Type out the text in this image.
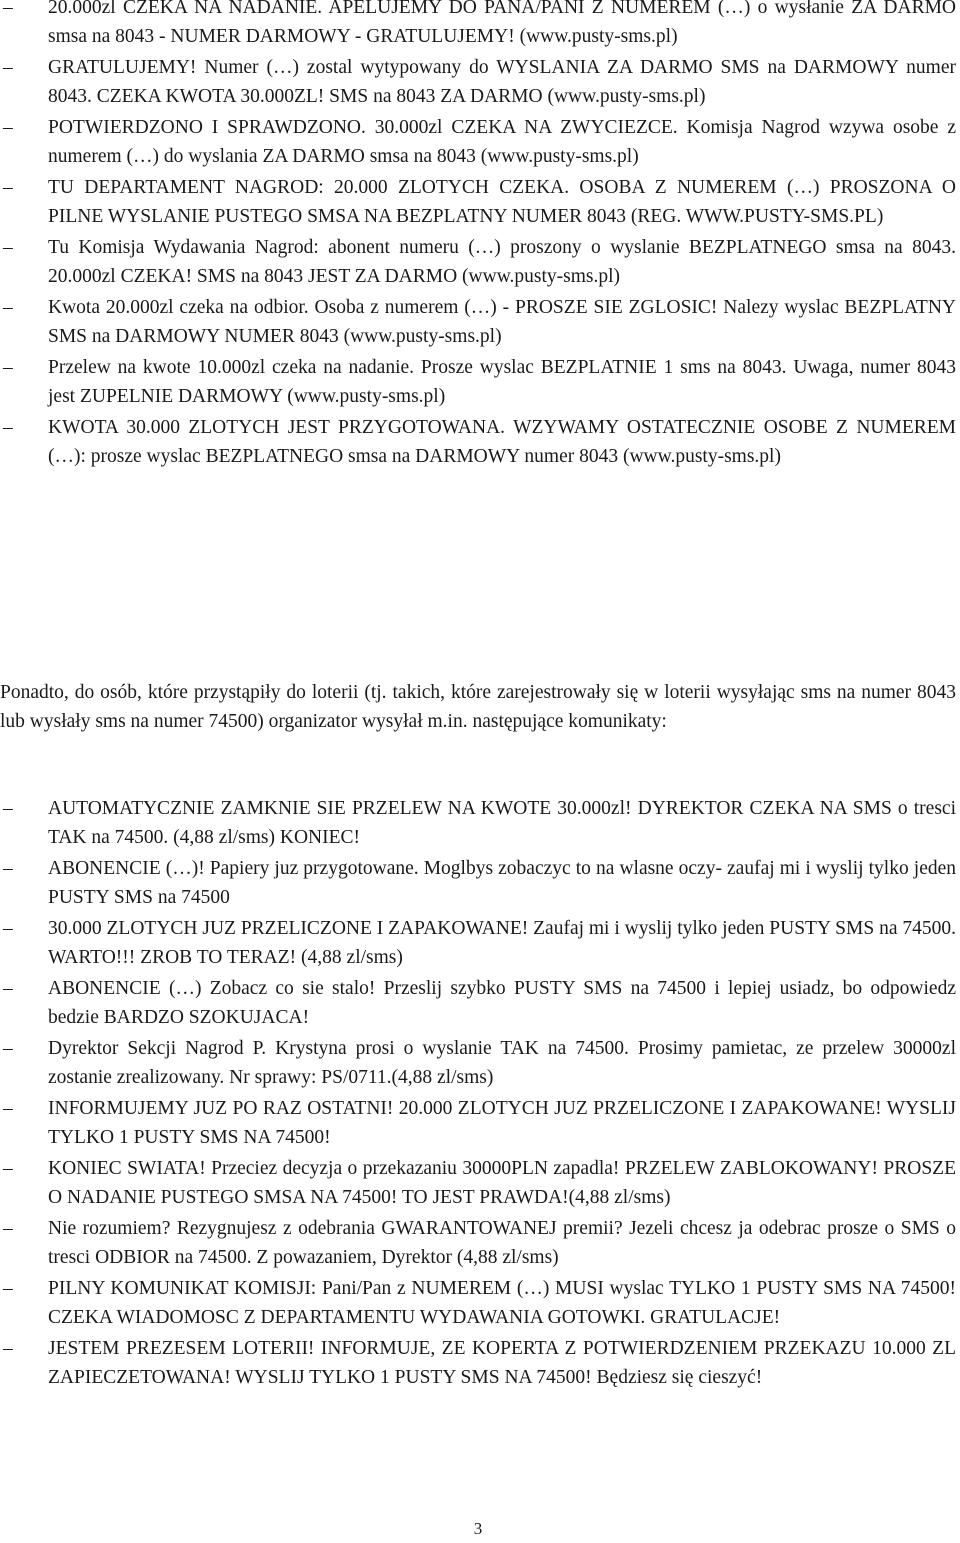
–	20.000zl CZEKA NA NADANIE. APELUJEMY DO PANA/PANI Z NUMEREM (…) o wysłanie ZA DARMO smsa na 8043 - NUMER DARMOWY - GRATULUJEMY! (www.pusty-sms.pl)
–	GRATULUJEMY! Numer (…) zostal wytypowany do WYSLANIA ZA DARMO SMS na DARMOWY numer 8043. CZEKA KWOTA 30.000ZL! SMS na 8043 ZA DARMO (www.pusty-sms.pl)
–	POTWIERDZONO I SPRAWDZONO. 30.000zl CZEKA NA ZWYCIEZCE. Komisja Nagrod wzywa osobe z numerem (…) do wyslania ZA DARMO smsa na 8043 (www.pusty-sms.pl)
–	TU DEPARTAMENT NAGROD: 20.000 ZLOTYCH CZEKA. OSOBA Z NUMEREM (…) PROSZONA O PILNE WYSLANIE PUSTEGO SMSA NA BEZPLATNY NUMER 8043 (REG. WWW.PUSTY-SMS.PL)
–	Tu Komisja Wydawania Nagrod: abonent numeru (…) proszony o wyslanie BEZPLATNEGO smsa na 8043. 20.000zl CZEKA! SMS na 8043 JEST ZA DARMO (www.pusty-sms.pl)
–	Kwota 20.000zl czeka na odbior. Osoba z numerem (…) - PROSZE SIE ZGLOSIC! Nalezy wyslac BEZPLATNY SMS na DARMOWY NUMER 8043 (www.pusty-sms.pl)
–	Przelew na kwote 10.000zl czeka na nadanie. Prosze wyslac BEZPLATNIE 1 sms na 8043. Uwaga, numer 8043 jest ZUPELNIE DARMOWY (www.pusty-sms.pl)
–	KWOTA 30.000 ZLOTYCH JEST PRZYGOTOWANA. WZYWAMY OSTATECZNIE OSOBE Z NUMEREM (…): prosze wyslac BEZPLATNEGO smsa na DARMOWY numer 8043 (www.pusty-sms.pl)

Ponadto, do osób, które przystąpiły do loterii (tj. takich, które zarejestrowały się w loterii wysyłając sms na numer 8043 lub wysłały sms na numer 74500) organizator wysyłał m.in. następujące komunikaty:

–	AUTOMATYCZNIE ZAMKNIE SIE PRZELEW NA KWOTE 30.000zl! DYREKTOR CZEKA NA SMS o tresci TAK na 74500. (4,88 zl/sms) KONIEC!
–	ABONENCIE (…)! Papiery juz przygotowane. Moglbys zobaczyc to na wlasne oczy- zaufaj mi i wyslij tylko jeden PUSTY SMS na 74500
–	30.000 ZLOTYCH JUZ PRZELICZONE I ZAPAKOWANE! Zaufaj mi i wyslij tylko jeden PUSTY SMS na 74500. WARTO!!! ZROB TO TERAZ! (4,88 zl/sms)
–	ABONENCIE (…) Zobacz co sie stalo! Przeslij szybko PUSTY SMS na 74500 i lepiej usiadz, bo odpowiedz bedzie BARDZO SZOKUJACA!
–	Dyrektor Sekcji Nagrod P. Krystyna prosi o wyslanie TAK na 74500. Prosimy pamietac, ze przelew 30000zl zostanie zrealizowany. Nr sprawy: PS/0711.(4,88 zl/sms)
–	INFORMUJEMY JUZ PO RAZ OSTATNI! 20.000 ZLOTYCH JUZ PRZELICZONE I ZAPAKOWANE! WYSLIJ TYLKO 1 PUSTY SMS NA 74500!
–	KONIEC SWIATA! Przeciez decyzja o przekazaniu 30000PLN zapadla! PRZELEW ZABLOKOWANY! PROSZE O NADANIE PUSTEGO SMSA NA 74500! TO JEST PRAWDA!(4,88 zl/sms)
–	Nie rozumiem? Rezygnujesz z odebrania GWARANTOWANEJ premii? Jezeli chcesz ja odebrac prosze o SMS o tresci ODBIOR na 74500. Z powazaniem, Dyrektor (4,88 zl/sms)
–	PILNY KOMUNIKAT KOMISJI: Pani/Pan z NUMEREM (…) MUSI wyslac TYLKO 1 PUSTY SMS NA 74500! CZEKA WIADOMOSC Z DEPARTAMENTU WYDAWANIA GOTOWKI. GRATULACJE!
–	JESTEM PREZESEM LOTERII! INFORMUJE, ZE KOPERTA Z POTWIERDZENIEM PRZEKAZU 10.000 ZL ZAPIECZETOWANA! WYSLIJ TYLKO 1 PUSTY SMS NA 74500! Będziesz się cieszyć!
3
